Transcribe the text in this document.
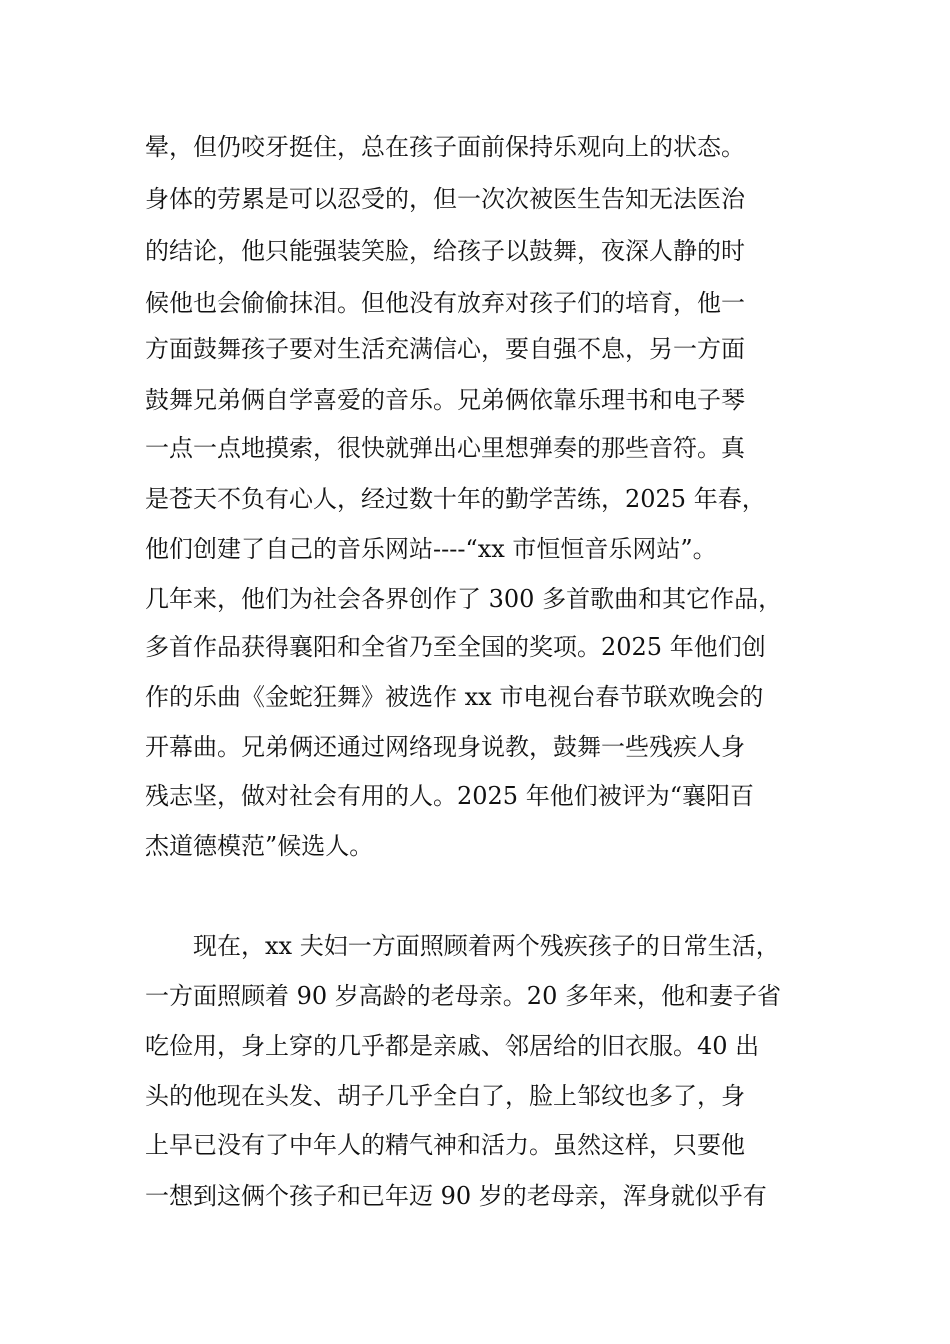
晕，但仍咬牙挺住，总在孩子面前保持乐观向上的状态。
身体的劳累是可以忍受的，但一次次被医生告知无法医治
的结论，他只能强装笑脸，给孩子以鼓舞，夜深人静的时
候他也会偷偷抹泪。但他没有放弃对孩子们的培育，他一
方面鼓舞孩子要对生活充满信心，要自强不息，另一方面
鼓舞兄弟俩自学喜爱的音乐。兄弟俩依靠乐理书和电子琴
一点一点地摸索，很快就弹出心里想弹奏的那些音符。真
是苍天不负有心人，经过数十年的勤学苦练，2025 年春，
他们创建了自己的音乐网站----“xx 市恒恒音乐网站”。
几年来，他们为社会各界创作了 300 多首歌曲和其它作品，
多首作品获得襄阳和全省乃至全国的奖项。2025 年他们创
作的乐曲《金蛇狂舞》被选作 xx 市电视台春节联欢晚会的
开幕曲。兄弟俩还通过网络现身说教，鼓舞一些残疾人身
残志坚，做对社会有用的人。2025 年他们被评为“襄阳百
杰道德模范”候选人。
现在，xx 夫妇一方面照顾着两个残疾孩子的日常生活，
一方面照顾着 90 岁高龄的老母亲。20 多年来，他和妻子省
吃俭用，身上穿的几乎都是亲戚、邻居给的旧衣服。40 出
头的他现在头发、胡子几乎全白了，脸上邹纹也多了，身
上早已没有了中年人的精气神和活力。虽然这样，只要他
一想到这俩个孩子和已年迈 90 岁的老母亲，浑身就似乎有
